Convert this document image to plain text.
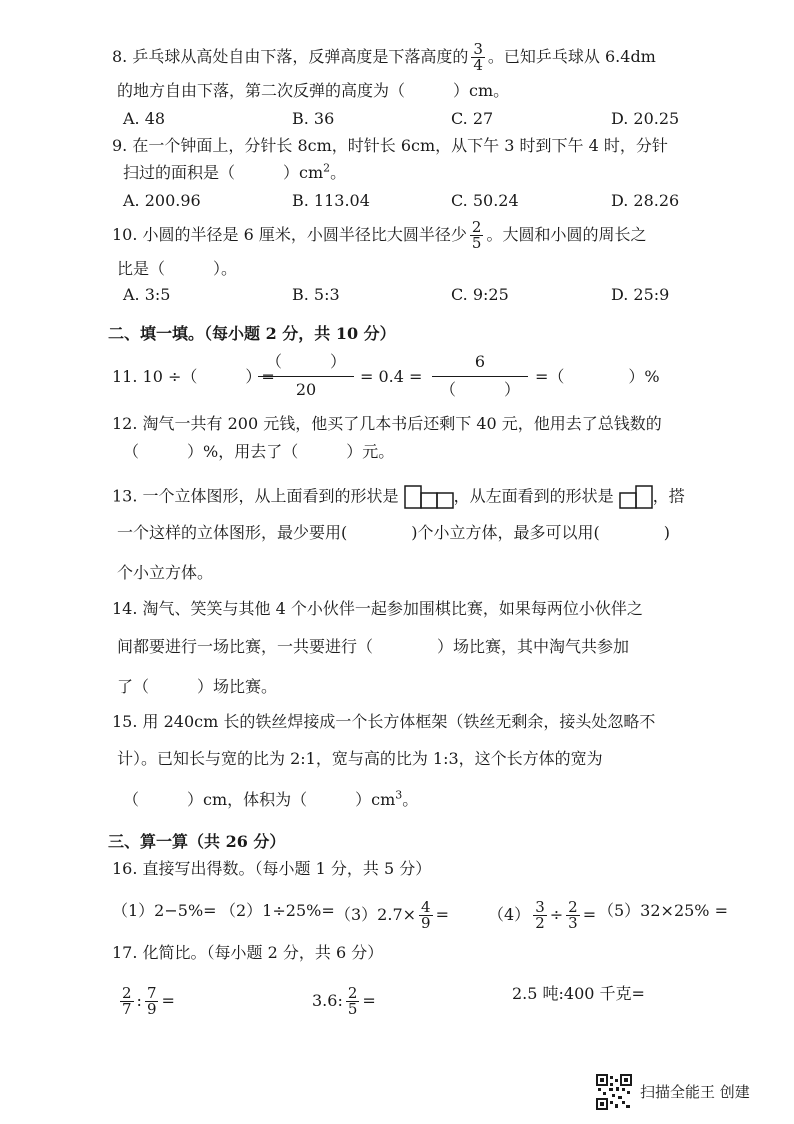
8. 乒乓球从高处自由下落，反弹高度是下落高度的 $\frac{3}{4}$ 。已知乒乓球从 6.4dm
的地方自由下落，第二次反弹的高度为（　　　）cm。
A. 48	B. 36	C. 27	D. 20.25
9. 在一个钟面上，分针长 8cm，时针长 6cm，从下午 3 时到下午 4 时，分针
扫过的面积是（　　　）$cm^2$。
A. 200.96	B. 113.04	C. 50.24	D. 28.26
10. 小圆的半径是 6 厘米，小圆半径比大圆半径少 $\frac{2}{5}$ 。大圆和小圆的周长之
比是（　　　）。
A. 3:5	B. 5:3	C. 9:25	D. 25:9
二、填一填。（每小题 2 分，共 10 分）
11. 10 ÷（　　　）=
（　　　）
20
= 0.4 =
6
（　　　）
=（　　　　）%
12. 淘气一共有 200 元钱，他买了几本书后还剩下 40 元，他用去了总钱数的
（　　　）%，用去了（　　　）元。
13. 一个立体图形，从上面看到的形状是	，从左面看到的形状是 ，搭
一个这样的立体图形，最少要用(　　　　)个小立方体，最多可以用(　　　　)
个小立方体。
14. 淘气、笑笑与其他 4 个小伙伴一起参加围棋比赛，如果每两位小伙伴之
间都要进行一场比赛，一共要进行（　　　　）场比赛，其中淘气共参加
了（　　　）场比赛。
15. 用 240cm 长的铁丝焊接成一个长方体框架（铁丝无剩余，接头处忽略不
计）。已知长与宽的比为 2:1，宽与高的比为 1:3，这个长方体的宽为
（　　　）cm，体积为（　　　）$cm^3$。
三、算一算（共 26 分）
16. 直接写出得数。（每小题 1 分，共 5 分）
$(1)2-5\%= (2)1\div 25\%= (3)2.7\times \frac{4}{9} = (4) \frac{3}{2} \div \frac{2}{3} = (5)32\times 25\%$ =
17. 化简比。（每小题 2 分，共 6 分）
$\frac{2}{7}$ : $\frac{7}{9}$ =	3.6: $\frac{2}{5}$ =	2.5 吨:400 千克=
扫描全能王 创建
